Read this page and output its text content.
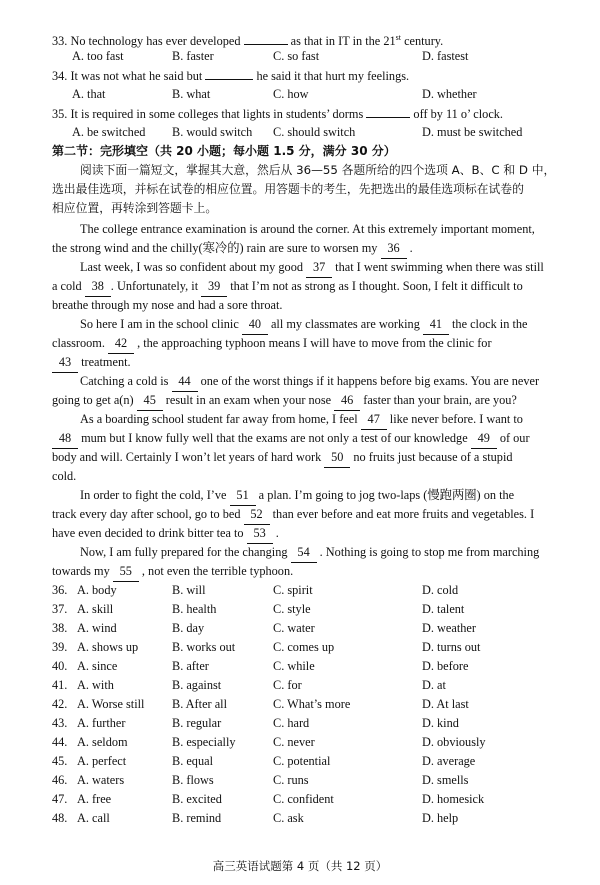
33. No technology has ever developed	as that in IT in the 21st century.
A. too fast	B. faster	C. so fast	D. fastest
34. It was not what he said but	he said it that hurt my feelings.
A. that	B. what	C. how	D. whether
35. It is required in some colleges that lights in students’ dorms	off by 11 o’ clock.
A. be switched B. would switch C. should switch	D. must be switched
第二节：完形填空（共 20 小题；每小题 1.5 分，满分 30 分）
阅读下面一篇短文，掌握其大意，然后从 36—55 各题所给的四个选项 A、B、C 和 D 中，
选出最佳选项，并标在试卷的相应位置。用答题卡的考生，先把选出的最佳选项标在试卷的
相应位置，再转涂到答题卡上。
The college entrance examination is around the corner. At this extremely important moment,
the strong wind and the chilly(寒冷的) rain are sure to worsen my 36 .
Last week, I was so confident about my good 37 that I went swimming when there was still
a cold 38 . Unfortunately, it 39 that I’m not as strong as I thought. Soon, I felt it difficult to
breathe through my nose and had a sore throat.
So here I am in the school clinic 40 all my classmates are working 41 the clock in the
classroom. 42 , the approaching typhoon means I will have to move from the clinic for
43 treatment.
Catching a cold is 44 one of the worst things if it happens before big exams. You are never
going to get a(n) 45 result in an exam when your nose 46 faster than your brain, are you?
As a boarding school student far away from home, I feel 47 like never before. I want to
48 mum but I know fully well that the exams are not only a test of our knowledge 49 of our
body and will. Certainly I won’t let years of hard work 50 no fruits just because of a stupid
cold.
In order to fight the cold, I’ve 51 a plan. I’m going to jog two-laps (慢跑两圈) on the
track every day after school, go to bed 52 than ever before and eat more fruits and vegetables. I
have even decided to drink bitter tea to 53 .
Now, I am fully prepared for the changing 54 . Nothing is going to stop me from marching
towards my 55 , not even the terrible typhoon.
36. A. body	B. will	C. spirit	D. cold
37. A. skill	B. health	C. style	D. talent
38. A. wind	B. day	C. water	D. weather
39. A. shows up	B. works out	C. comes up	D. turns out
40. A. since	B. after	C. while	D. before
41. A. with	B. against	C. for	D. at
42. A. Worse still B. After all	C. What’s more	D. At last
43. A. further	B. regular	C. hard	D. kind
44. A. seldom	B. especially	C. never	D. obviously
45. A. perfect	B. equal	C. potential	D. average
46. A. waters	B. flows	C. runs	D. smells
47. A. free	B. excited	C. confident	D. homesick
48. A. call	B. remind	C. ask	D. help
高三英语试题第 4 页（共 12 页）
